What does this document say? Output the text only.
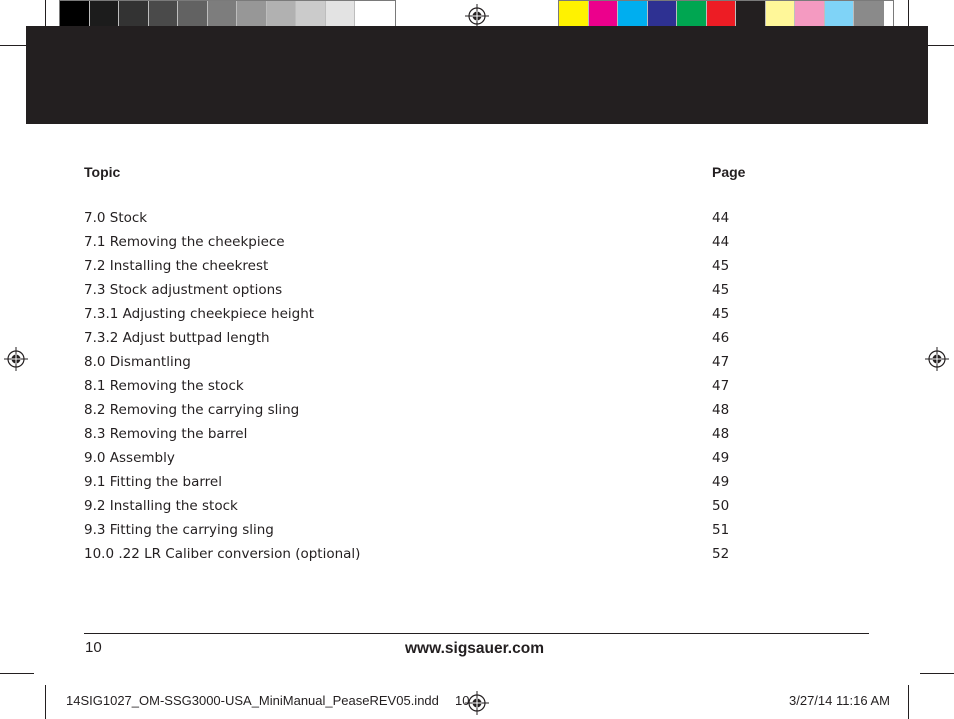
Topic	Page
7.0 Stock	44
7.1 Removing the cheekpiece	44
7.2 Installing the cheekrest	45
7.3 Stock adjustment options	45
7.3.1 Adjusting cheekpiece height	45
7.3.2 Adjust buttpad length	46
8.0 Dismantling	47
8.1 Removing the stock	47
8.2 Removing the carrying sling	48
8.3 Removing the barrel	48
9.0 Assembly	49
9.1 Fitting the barrel	49
9.2 Installing the stock	50
9.3 Fitting the carrying sling	51
10.0 .22 LR Caliber conversion (optional)	52
10	www.sigsauer.com
14SIG1027_OM-SSG3000-USA_MiniManual_PeaseREV05.indd 10	3/27/14 11:16 AM
